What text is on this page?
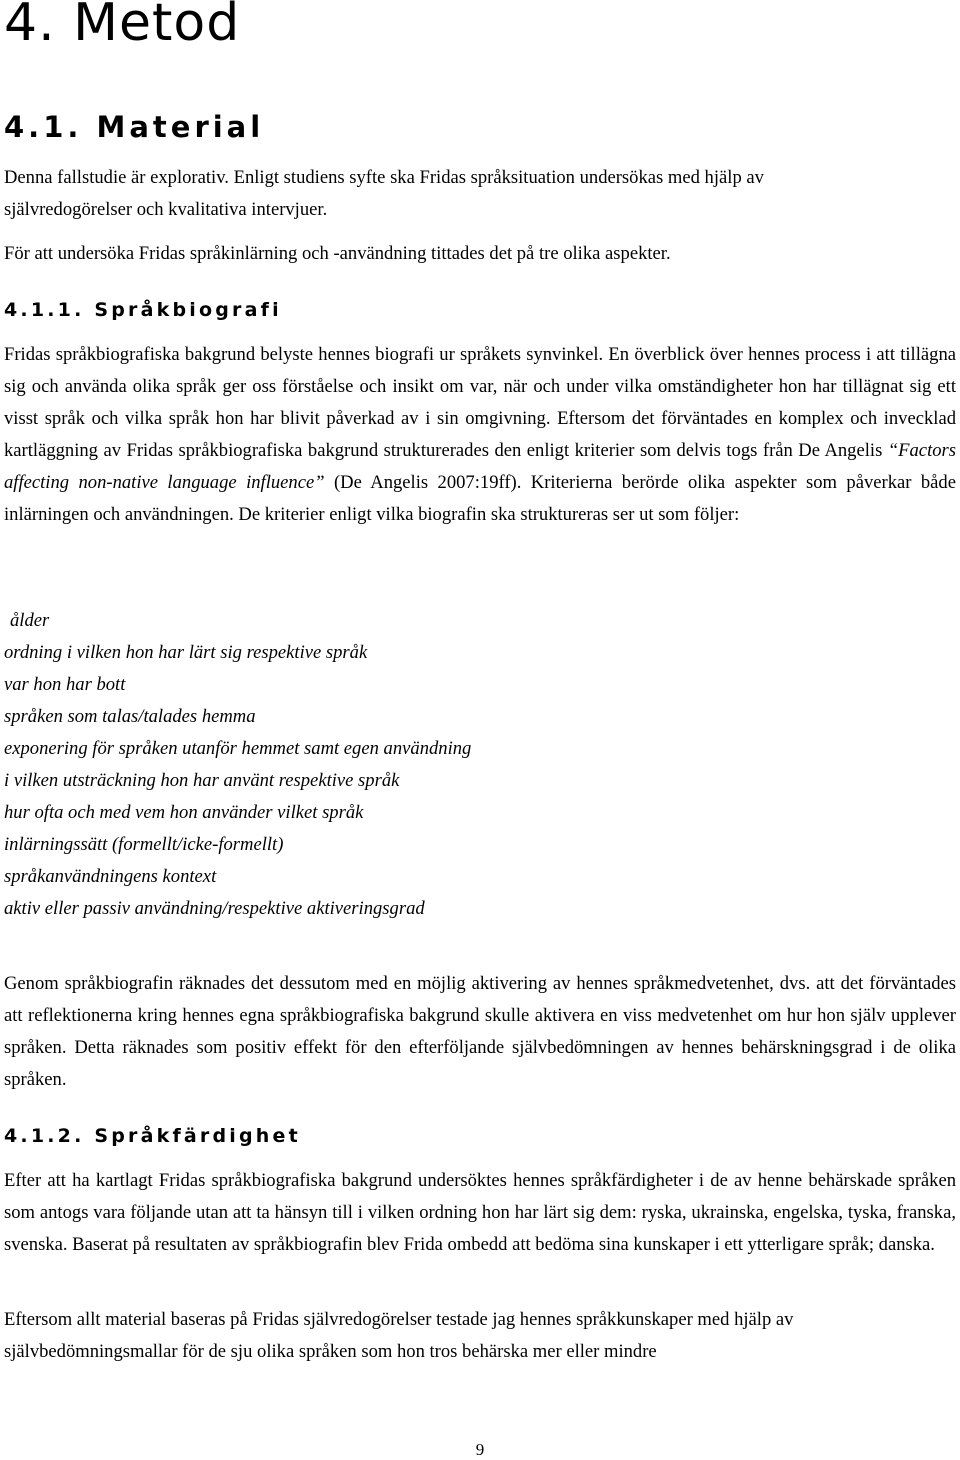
4. Metod
4.1. Material

Denna fallstudie är explorativ. Enligt studiens syfte ska Fridas språksituation undersökas med hjälp av

självredogörelser och kvalitativa intervjuer.

För att undersöka Fridas språkinlärning och -användning tittades det på tre olika aspekter.

4.1.1. Språkbiografi

Fridas språkbiografiska bakgrund belyste hennes biografi ur språkets synvinkel. En överblick över hennes process i att tillägna sig och använda olika språk ger oss förståelse och insikt om var, när och under vilka omständigheter hon har tillägnat sig ett visst språk och vilka språk hon har blivit påverkad av i sin omgivning. Eftersom det förväntades en komplex och invecklad kartläggning av Fridas språkbiografiska bakgrund strukturerades den enligt kriterier som delvis togs från De Angelis “Factors affecting non-native language influence” (De Angelis 2007:19ff). Kriterierna berörde olika aspekter som påverkar både inlärningen och användningen. De kriterier enligt vilka biografin ska struktureras ser ut som följer:

ålder
ordning i vilken hon har lärt sig respektive språk
var hon har bott
språken som talas/talades hemma
exponering för språken utanför hemmet samt egen användning
i vilken utsträckning hon har använt respektive språk
hur ofta och med vem hon använder vilket språk
inlärningssätt (formellt/icke-formellt)
språkanvändningens kontext
aktiv eller passiv användning/respektive aktiveringsgrad

Genom språkbiografin räknades det dessutom med en möjlig aktivering av hennes språkmedvetenhet, dvs. att det förväntades att reflektionerna kring hennes egna språkbiografiska bakgrund skulle aktivera en viss medvetenhet om hur hon själv upplever språken. Detta räknades som positiv effekt för den efterföljande självbedömningen av hennes behärskningsgrad i de olika språken.

4.1.2. Språkfärdighet

Efter att ha kartlagt Fridas språkbiografiska bakgrund undersöktes hennes språkfärdigheter i de av henne behärskade språken som antogs vara följande utan att ta hänsyn till i vilken ordning hon har lärt sig dem: ryska, ukrainska, engelska, tyska, franska, svenska. Baserat på resultaten av språkbiografin blev Frida ombedd att bedöma sina kunskaper i ett ytterligare språk; danska.

Eftersom allt material baseras på Fridas självredogörelser testade jag hennes språkkunskaper med hjälp av självbedömningsmallar för de sju olika språken som hon tros behärska mer eller mindre

9
